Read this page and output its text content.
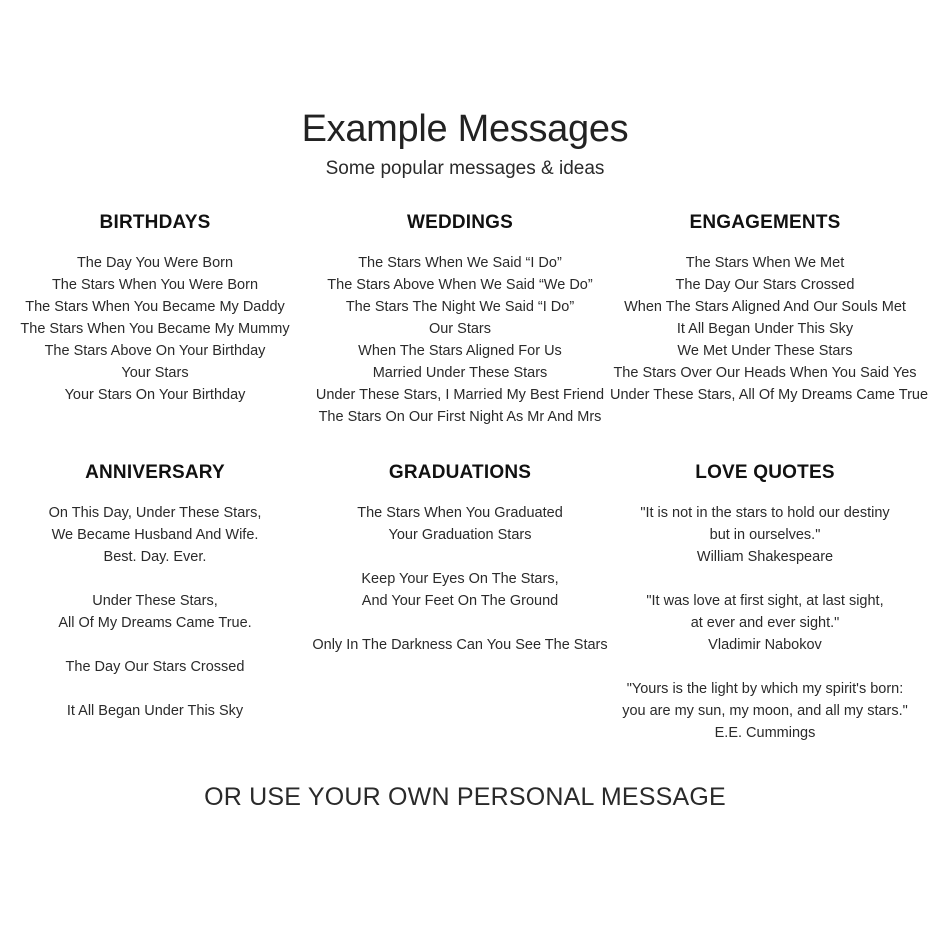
Example Messages
Some popular messages & ideas
BIRTHDAYS
The Day You Were Born
The Stars When You Were Born
The Stars When You Became My Daddy
The Stars When You Became My Mummy
The Stars Above On Your Birthday
Your Stars
Your Stars On Your Birthday
WEDDINGS
The Stars When We Said “I Do”
The Stars Above When We Said “We Do”
The Stars The Night We Said “I Do”
Our Stars
When The Stars Aligned For Us
Married Under These Stars
Under These Stars, I Married My Best Friend
The Stars On Our First Night As Mr And Mrs
ENGAGEMENTS
The Stars When We Met
The Day Our Stars Crossed
When The Stars Aligned And Our Souls Met
It All Began Under This Sky
We Met Under These Stars
The Stars Over Our Heads When You Said Yes
Under These Stars, All Of My Dreams Came True
ANNIVERSARY
On This Day, Under These Stars,
We Became Husband And Wife.
Best. Day. Ever.
Under These Stars,
All Of My Dreams Came True.
The Day Our Stars Crossed
It All Began Under This Sky
GRADUATIONS
The Stars When You Graduated
Your Graduation Stars
Keep Your Eyes On The Stars,
And Your Feet On The Ground
Only In The Darkness Can You See The Stars
LOVE QUOTES
"It is not in the stars to hold our destiny
but in ourselves."
William Shakespeare
"It was love at first sight, at last sight,
at ever and ever sight."
Vladimir Nabokov
"Yours is the light by which my spirit's born:
you are my sun, my moon, and all my stars."
E.E. Cummings
OR USE YOUR OWN PERSONAL MESSAGE
